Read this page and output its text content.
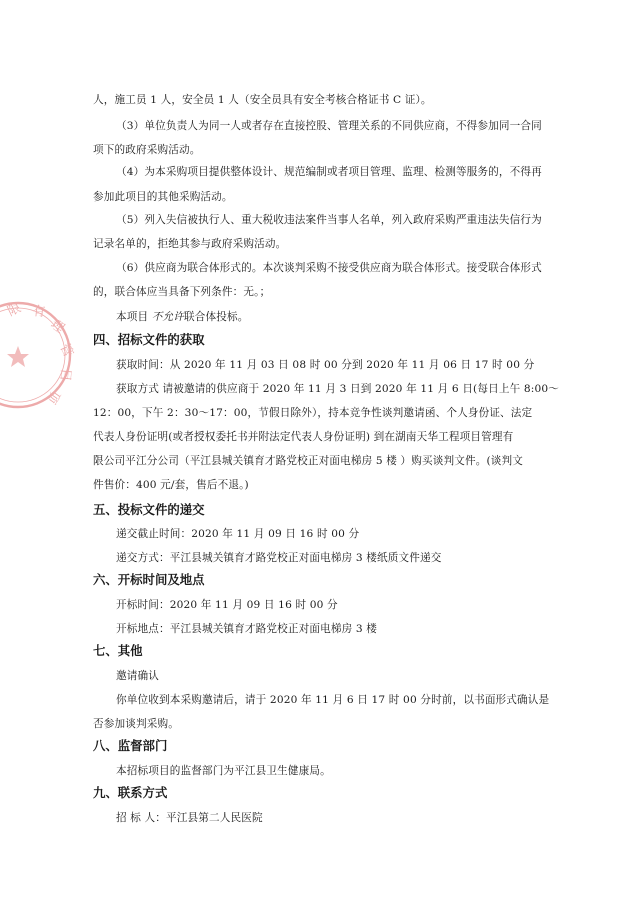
限 有
理
管
目
项
人，施工员 1 人，安全员 1 人（安全员具有安全考核合格证书 C 证）。
（3）单位负责人为同一人或者存在直接控股、管理关系的不同供应商，不得参加同一合同
项下的政府采购活动。
（4）为本采购项目提供整体设计、规范编制或者项目管理、监理、检测等服务的，不得再
参加此项目的其他采购活动。
（5）列入失信被执行人、重大税收违法案件当事人名单，列入政府采购严重违法失信行为
记录名单的，拒绝其参与政府采购活动。
（6）供应商为联合体形式的。本次谈判采购不接受供应商为联合体形式。接受联合体形式
的，联合体应当具备下列条件：无。；
本项目 不允许联合体投标。
四、招标文件的获取
获取时间：从 2020 年 11 月 03 日 08 时 00 分到 2020 年 11 月 06 日 17 时 00 分
获取方式 请被邀请的供应商于 2020 年 11 月 3 日到 2020 年 11 月 6 日(每日上午 8:00～
12：00，下午 2：30～17：00，节假日除外），持本竞争性谈判邀请函、个人身份证、法定
代表人身份证明(或者授权委托书并附法定代表人身份证明) 到在湖南天华工程项目管理有
限公司平江分公司（平江县城关镇育才路党校正对面电梯房 5 楼 ）购买谈判文件。(谈判文
件售价：400 元/套，售后不退。)
五、投标文件的递交
递交截止时间：2020 年 11 月 09 日 16 时 00 分
递交方式：平江县城关镇育才路党校正对面电梯房 3 楼纸质文件递交
六、开标时间及地点
开标时间：2020 年 11 月 09 日 16 时 00 分
开标地点：平江县城关镇育才路党校正对面电梯房 3 楼
七、其他
邀请确认
你单位收到本采购邀请后，请于 2020 年 11 月 6 日 17 时 00 分时前，以书面形式确认是
否参加谈判采购。
八、监督部门
本招标项目的监督部门为平江县卫生健康局。
九、联系方式
招 标 人：平江县第二人民医院
